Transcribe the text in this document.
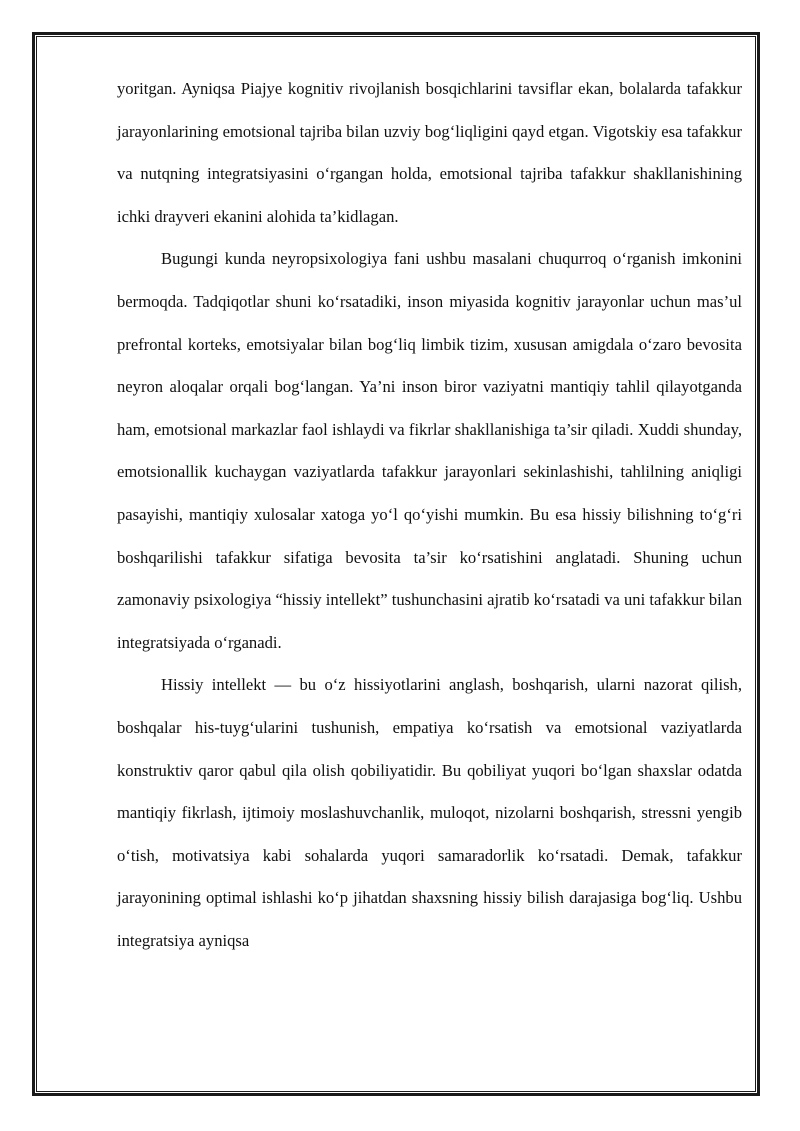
yoritgan. Ayniqsa Piajye kognitiv rivojlanish bosqichlarini tavsiflar ekan, bolalarda tafakkur jarayonlarining emotsional tajriba bilan uzviy bog‘liqligini qayd etgan. Vigotskiy esa tafakkur va nutqning integratsiyasini o‘rgangan holda, emotsional tajriba tafakkur shakllanishining ichki drayveri ekanini alohida ta’kidlagan.

Bugungi kunda neyropsixologiya fani ushbu masalani chuqurroq o‘rganish imkonini bermoqda. Tadqiqotlar shuni ko‘rsatadiki, inson miyasida kognitiv jarayonlar uchun mas’ul prefrontal korteks, emotsiyalar bilan bog‘liq limbik tizim, xususan amigdala o‘zaro bevosita neyron aloqalar orqali bog‘langan. Ya’ni inson biror vaziyatni mantiqiy tahlil qilayotganda ham, emotsional markazlar faol ishlaydi va fikrlar shakllanishiga ta’sir qiladi. Xuddi shunday, emotsionallik kuchaygan vaziyatlarda tafakkur jarayonlari sekinlashishi, tahlilning aniqligi pasayishi, mantiqiy xulosalar xatoga yo‘l qo‘yishi mumkin. Bu esa hissiy bilishning to‘g‘ri boshqarilishi tafakkur sifatiga bevosita ta’sir ko‘rsatishini anglatadi. Shuning uchun zamonaviy psixologiya “hissiy intellekt” tushunchasini ajratib ko‘rsatadi va uni tafakkur bilan integratsiyada o‘rganadi.

Hissiy intellekt — bu o‘z hissiyotlarini anglash, boshqarish, ularni nazorat qilish, boshqalar his-tuyg‘ularini tushunish, empatiya ko‘rsatish va emotsional vaziyatlarda konstruktiv qaror qabul qila olish qobiliyatidir. Bu qobiliyat yuqori bo‘lgan shaxslar odatda mantiqiy fikrlash, ijtimoiy moslashuvchanlik, muloqot, nizolarni boshqarish, stressni yengib o‘tish, motivatsiya kabi sohalarda yuqori samaradorlik ko‘rsatadi. Demak, tafakkur jarayonining optimal ishlashi ko‘p jihatdan shaxsning hissiy bilish darajasiga bog‘liq. Ushbu integratsiya ayniqsa
